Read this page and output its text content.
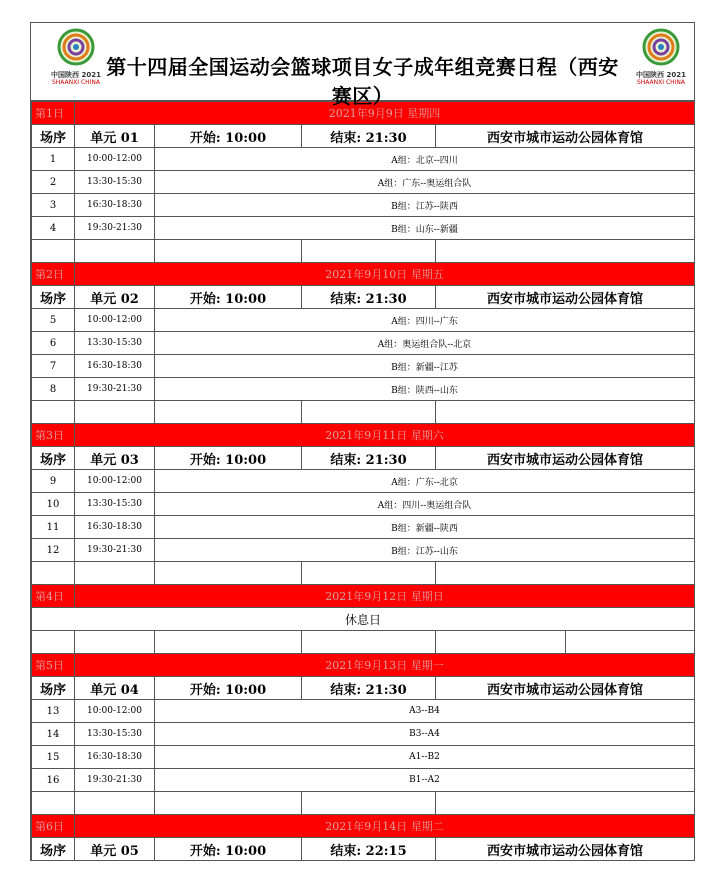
中国陕西 2021
SHAANXI CHINA
第十四届全国运动会篮球项目女子成年组竞赛日程（西安赛区）
中国陕西 2021
SHAANXI CHINA
第1日	2021年9月9日 星期四				
场序	单元 01	开始: 10:00	结束: 21:30	西安市城市运动公园体育馆	
1	10:00-12:00	A组：北京--四川			
2	13:30-15:30	A组：广东--奥运组合队			
3	16:30-18:30	B组：江苏--陕西			
4	19:30-21:30	B组：山东--新疆			

第2日	2021年9月10日 星期五				
场序	单元 02	开始: 10:00	结束: 21:30	西安市城市运动公园体育馆	
5	10:00-12:00	A组：四川--广东			
6	13:30-15:30	A组：奥运组合队--北京			
7	16:30-18:30	B组：新疆--江苏			
8	19:30-21:30	B组：陕西--山东			

第3日	2021年9月11日 星期六				
场序	单元 03	开始: 10:00	结束: 21:30	西安市城市运动公园体育馆	
9	10:00-12:00	A组：广东--北京			
10	13:30-15:30	A组：四川--奥运组合队			
11	16:30-18:30	B组：新疆--陕西			
12	19:30-21:30	B组：江苏--山东			

第4日	2021年9月12日 星期日				
休息日					

第5日	2021年9月13日 星期一				
场序	单元 04	开始: 10:00	结束: 21:30	西安市城市运动公园体育馆	
13	10:00-12:00	A3--B4			
14	13:30-15:30	B3--A4			
15	16:30-18:30	A1--B2			
16	19:30-21:30	B1--A2			

第6日	2021年9月14日 星期二				
场序	单元 05	开始: 10:00	结束: 22:15	西安市城市运动公园体育馆	
